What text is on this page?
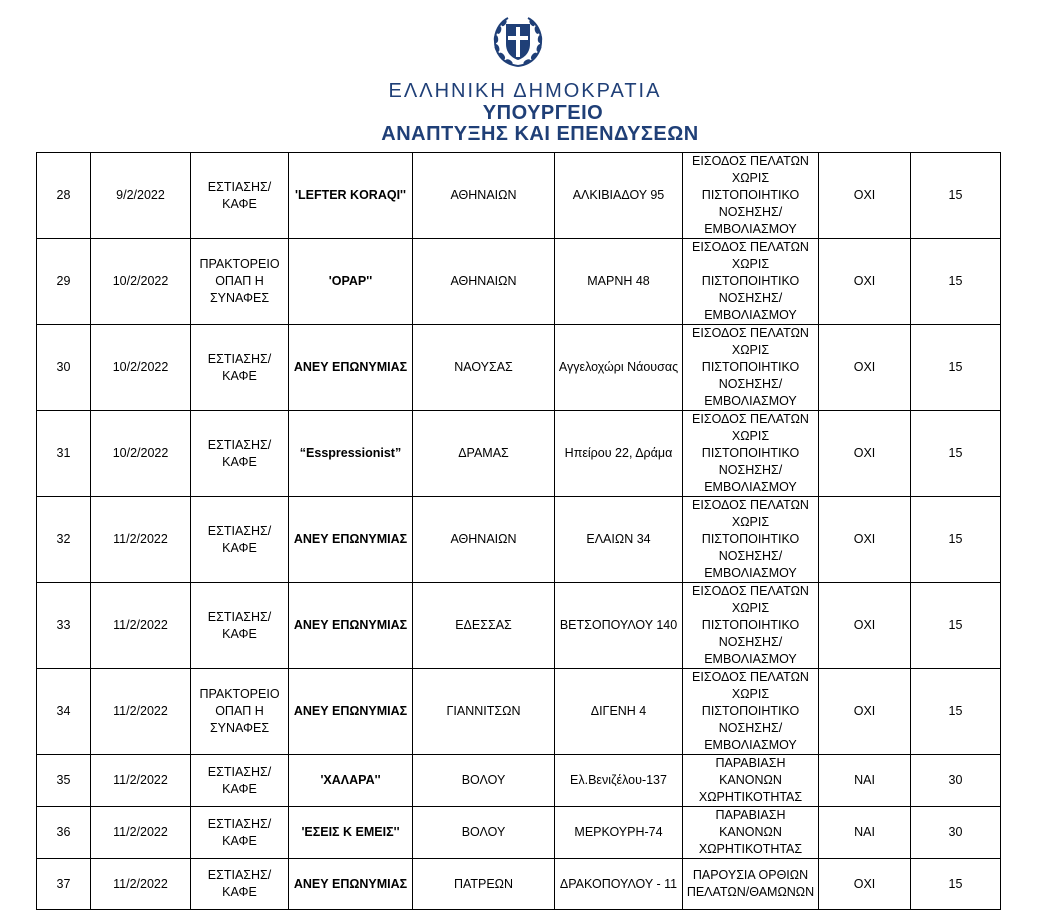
ΕΛΛΗΝΙΚΗ ΔΗΜΟΚΡΑΤΙΑ
ΥΠΟΥΡΓΕΙΟ
ΑΝΑΠΤΥΞΗΣ ΚΑΙ ΕΠΕΝΔΥΣΕΩΝ
28	9/2/2022	ΕΣΤΙΑΣΗΣ/ΚΑΦΕ	'LEFTER KORAQI''	ΑΘΗΝΑΙΩΝ	ΑΛΚΙΒΙΑΔΟΥ 95	ΕΙΣΟΔΟΣ ΠΕΛΑΤΩΝ ΧΩΡΙΣ ΠΙΣΤΟΠΟΙΗΤΙΚΟ ΝΟΣΗΣΗΣ/ΕΜΒΟΛΙΑΣΜΟΥ	ΟΧΙ	15
29	10/2/2022	ΠΡΑΚΤΟΡΕΙΟ ΟΠΑΠ Η ΣΥΝΑΦΕΣ	'ΟΡΑΡ''	ΑΘΗΝΑΙΩΝ	ΜΑΡΝΗ 48	ΕΙΣΟΔΟΣ ΠΕΛΑΤΩΝ ΧΩΡΙΣ ΠΙΣΤΟΠΟΙΗΤΙΚΟ ΝΟΣΗΣΗΣ/ΕΜΒΟΛΙΑΣΜΟΥ	ΟΧΙ	15
30	10/2/2022	ΕΣΤΙΑΣΗΣ/ΚΑΦΕ	ΑΝΕΥ ΕΠΩΝΥΜΙΑΣ	ΝΑΟΥΣΑΣ	Αγγελοχώρι Νάουσας	ΕΙΣΟΔΟΣ ΠΕΛΑΤΩΝ ΧΩΡΙΣ ΠΙΣΤΟΠΟΙΗΤΙΚΟ ΝΟΣΗΣΗΣ/ΕΜΒΟΛΙΑΣΜΟΥ	ΟΧΙ	15
31	10/2/2022	ΕΣΤΙΑΣΗΣ/ΚΑΦΕ	“Esspressionist”	ΔΡΑΜΑΣ	Ηπείρου 22, Δράμα	ΕΙΣΟΔΟΣ ΠΕΛΑΤΩΝ ΧΩΡΙΣ ΠΙΣΤΟΠΟΙΗΤΙΚΟ ΝΟΣΗΣΗΣ/ΕΜΒΟΛΙΑΣΜΟΥ	ΟΧΙ	15
32	11/2/2022	ΕΣΤΙΑΣΗΣ/ΚΑΦΕ	ΑΝΕΥ ΕΠΩΝΥΜΙΑΣ	ΑΘΗΝΑΙΩΝ	ΕΛΑΙΩΝ 34	ΕΙΣΟΔΟΣ ΠΕΛΑΤΩΝ ΧΩΡΙΣ ΠΙΣΤΟΠΟΙΗΤΙΚΟ ΝΟΣΗΣΗΣ/ΕΜΒΟΛΙΑΣΜΟΥ	ΟΧΙ	15
33	11/2/2022	ΕΣΤΙΑΣΗΣ/ΚΑΦΕ	ΑΝΕΥ ΕΠΩΝΥΜΙΑΣ	ΕΔΕΣΣΑΣ	ΒΕΤΣΟΠΟΥΛΟΥ 140	ΕΙΣΟΔΟΣ ΠΕΛΑΤΩΝ ΧΩΡΙΣ ΠΙΣΤΟΠΟΙΗΤΙΚΟ ΝΟΣΗΣΗΣ/ΕΜΒΟΛΙΑΣΜΟΥ	ΟΧΙ	15
34	11/2/2022	ΠΡΑΚΤΟΡΕΙΟ ΟΠΑΠ Η ΣΥΝΑΦΕΣ	ΑΝΕΥ ΕΠΩΝΥΜΙΑΣ	ΓΙΑΝΝΙΤΣΩΝ	ΔΙΓΕΝΗ 4	ΕΙΣΟΔΟΣ ΠΕΛΑΤΩΝ ΧΩΡΙΣ ΠΙΣΤΟΠΟΙΗΤΙΚΟ ΝΟΣΗΣΗΣ/ΕΜΒΟΛΙΑΣΜΟΥ	ΟΧΙ	15
35	11/2/2022	ΕΣΤΙΑΣΗΣ/ΚΑΦΕ	'ΧΑΛΑΡΑ''	ΒΟΛΟΥ	Ελ.Βενιζέλου-137	ΠΑΡΑΒΙΑΣΗ ΚΑΝΟΝΩΝ ΧΩΡΗΤΙΚΟΤΗΤΑΣ	ΝΑΙ	30
36	11/2/2022	ΕΣΤΙΑΣΗΣ/ΚΑΦΕ	'ΕΣΕΙΣ Κ ΕΜΕΙΣ''	ΒΟΛΟΥ	ΜΕΡΚΟΥΡΗ-74	ΠΑΡΑΒΙΑΣΗ ΚΑΝΟΝΩΝ ΧΩΡΗΤΙΚΟΤΗΤΑΣ	ΝΑΙ	30
37	11/2/2022	ΕΣΤΙΑΣΗΣ/ΚΑΦΕ	ΑΝΕΥ ΕΠΩΝΥΜΙΑΣ	ΠΑΤΡΕΩΝ	ΔΡΑΚΟΠΟΥΛΟΥ - 11	ΠΑΡΟΥΣΙΑ ΟΡΘΙΩΝ ΠΕΛΑΤΩΝ/ΘΑΜΩΝΩΝ	ΟΧΙ	15
